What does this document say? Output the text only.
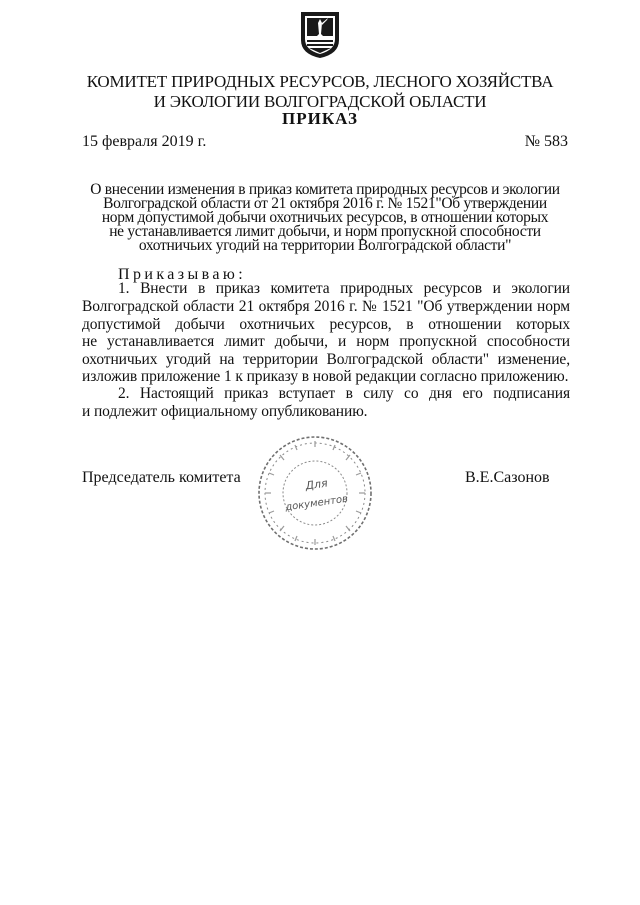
КОМИТЕТ ПРИРОДНЫХ РЕСУРСОВ, ЛЕСНОГО ХОЗЯЙСТВА
И ЭКОЛОГИИ ВОЛГОГРАДСКОЙ ОБЛАСТИ
ПРИКАЗ
15 февраля 2019 г.	№ 583
О внесении изменения в приказ комитета природных ресурсов и экологии
Волгоградской области от 21 октября 2016 г. № 1521"Об утверждении
норм допустимой добычи охотничьих ресурсов, в отношении которых
не устанавливается лимит добычи, и норм пропускной способности
охотничьих угодий на территории Волгоградской области"
Приказываю:
1. Внести в приказ комитета природных ресурсов и экологии
Волгоградской области 21 октября 2016 г. № 1521 "Об утверждении норм
допустимой добычи охотничьих ресурсов, в отношении которых
не устанавливается лимит добычи, и норм пропускной способности
охотничьих угодий на территории Волгоградской области" изменение,
изложив приложение 1 к приказу в новой редакции согласно приложению.
2. Настоящий приказ вступает в силу со дня его подписания
и подлежит официальному опубликованию.
Председатель комитета	В.Е.Сазонов
Для
документов
